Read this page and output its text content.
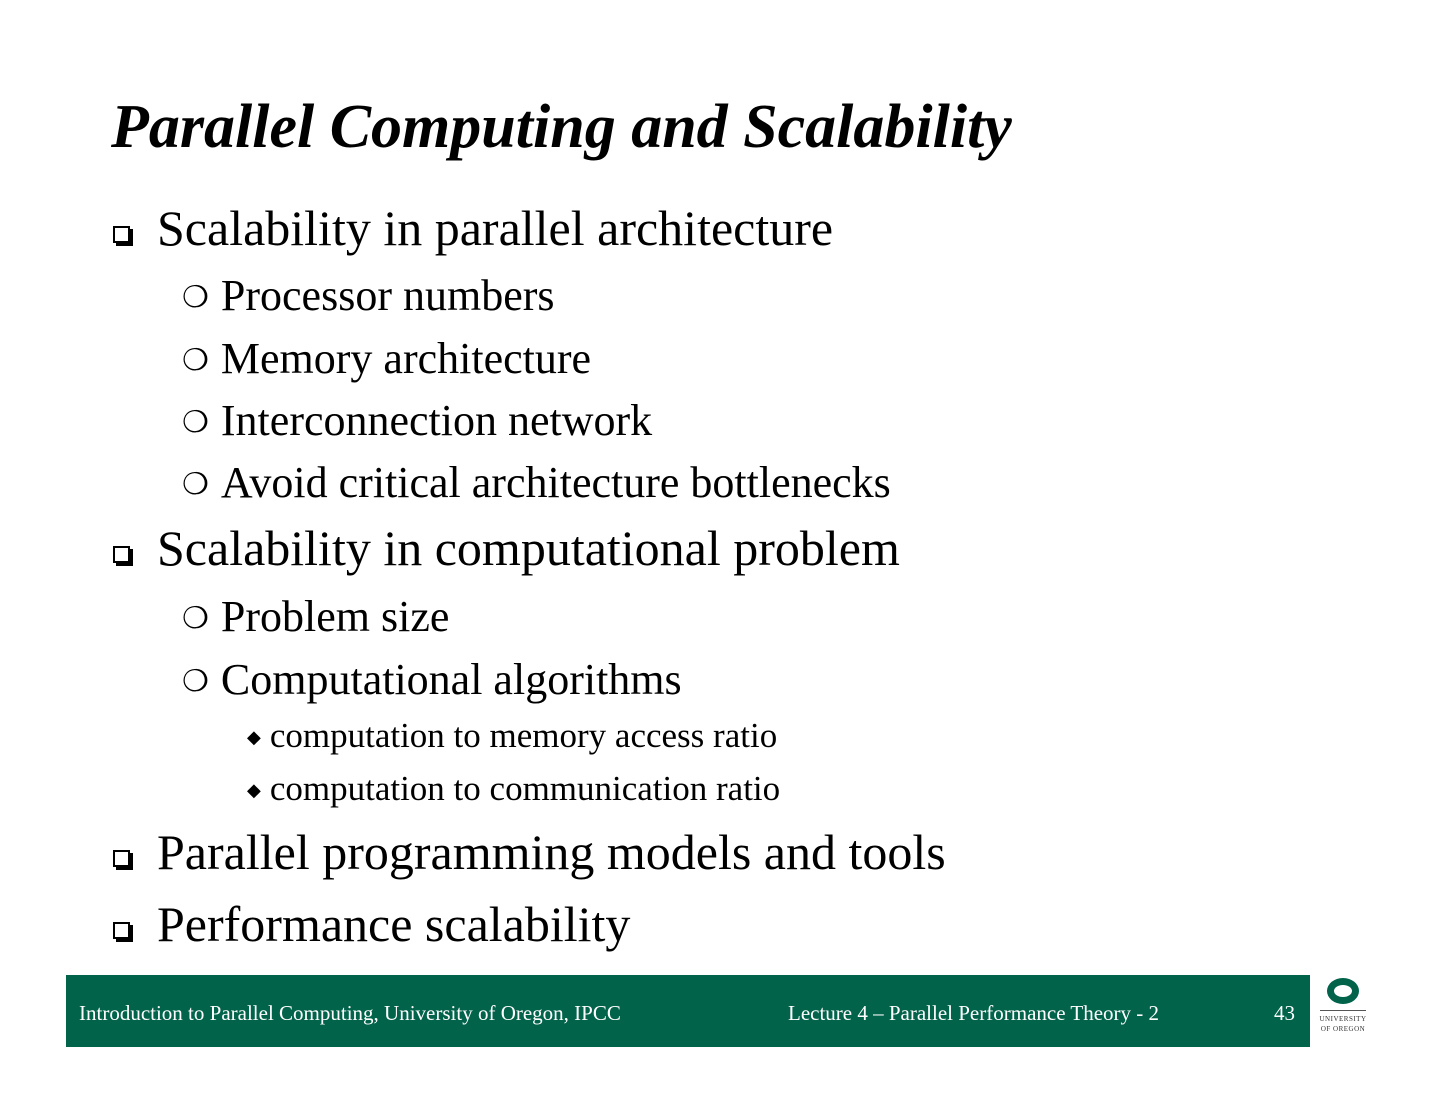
Parallel Computing and Scalability
Scalability in parallel architecture
❍ Processor numbers
❍ Memory architecture
❍ Interconnection network
❍ Avoid critical architecture bottlenecks
Scalability in computational problem
❍ Problem size
❍ Computational algorithms
◆ computation to memory access ratio
◆ computation to communication ratio
Parallel programming models and tools
Performance scalability
Introduction to Parallel Computing, University of Oregon, IPCC	Lecture 4 – Parallel Performance Theory - 2	43	UNIVERSITY
OF OREGON
